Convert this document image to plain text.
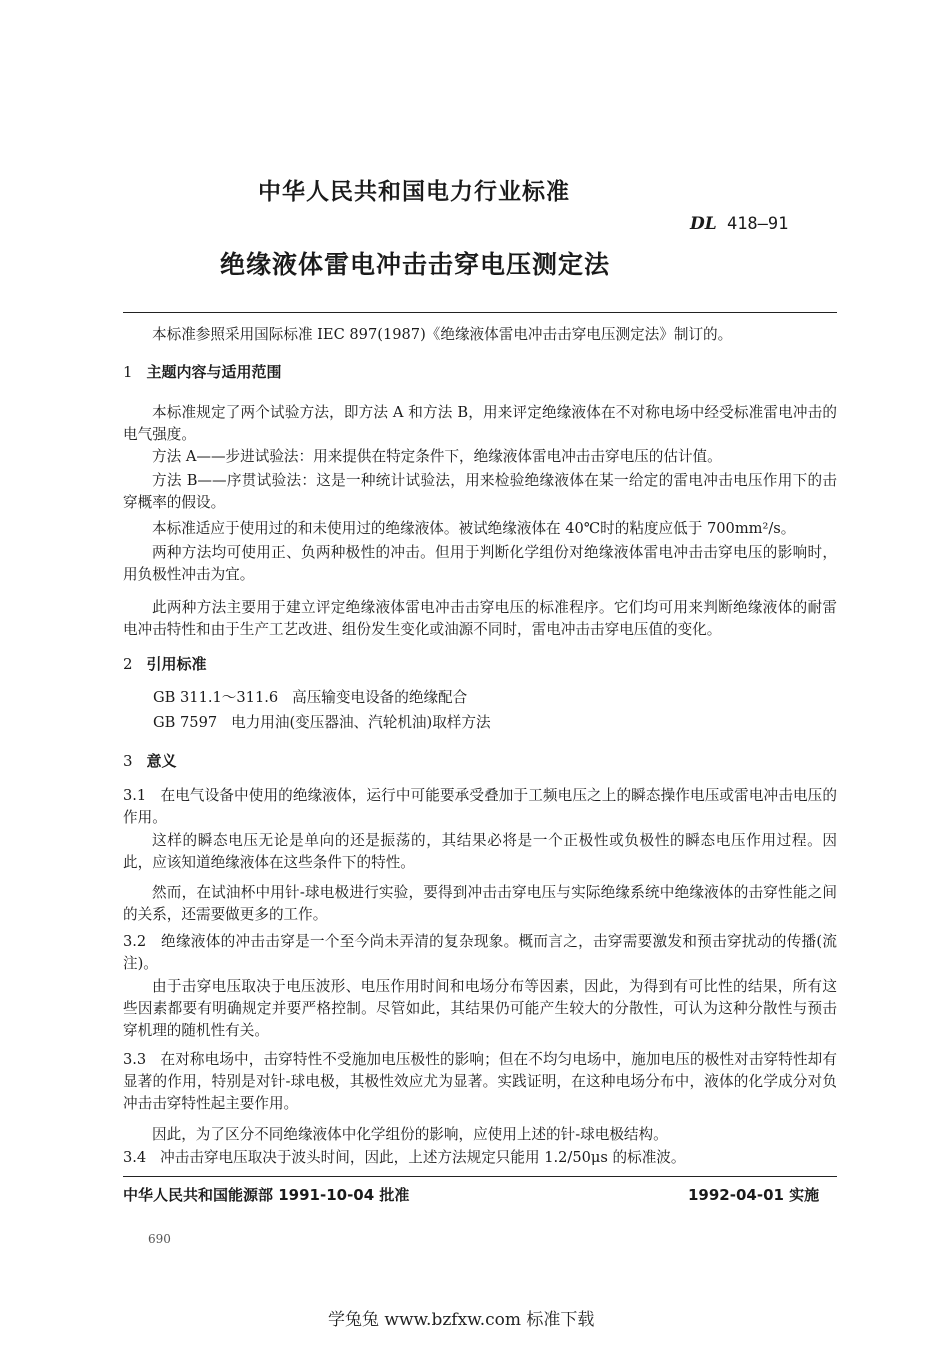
中华人民共和国电力行业标准
DL 418—91
绝缘液体雷电冲击击穿电压测定法
本标准参照采用国际标准 IEC 897(1987)《绝缘液体雷电冲击击穿电压测定法》制订的。
1 主题内容与适用范围
本标准规定了两个试验方法，即方法 A 和方法 B，用来评定绝缘液体在不对称电场中经受标准雷电冲击的电气强度。
方法 A——步进试验法：用来提供在特定条件下，绝缘液体雷电冲击击穿电压的估计值。
方法 B——序贯试验法：这是一种统计试验法，用来检验绝缘液体在某一给定的雷电冲击电压作用下的击穿概率的假设。
本标准适应于使用过的和未使用过的绝缘液体。被试绝缘液体在 40℃时的粘度应低于 700mm²/s。
两种方法均可使用正、负两种极性的冲击。但用于判断化学组份对绝缘液体雷电冲击击穿电压的影响时，用负极性冲击为宜。
此两种方法主要用于建立评定绝缘液体雷电冲击击穿电压的标准程序。它们均可用来判断绝缘液体的耐雷电冲击特性和由于生产工艺改进、组份发生变化或油源不同时，雷电冲击击穿电压值的变化。
2 引用标准
GB 311.1～311.6 高压输变电设备的绝缘配合
GB 7597 电力用油(变压器油、汽轮机油)取样方法
3 意义
3.1 在电气设备中使用的绝缘液体，运行中可能要承受叠加于工频电压之上的瞬态操作电压或雷电冲击电压的作用。
这样的瞬态电压无论是单向的还是振荡的，其结果必将是一个正极性或负极性的瞬态电压作用过程。因此，应该知道绝缘液体在这些条件下的特性。
然而，在试油杯中用针-球电极进行实验，要得到冲击击穿电压与实际绝缘系统中绝缘液体的击穿性能之间的关系，还需要做更多的工作。
3.2 绝缘液体的冲击击穿是一个至今尚未弄清的复杂现象。概而言之，击穿需要激发和预击穿扰动的传播(流注)。
由于击穿电压取决于电压波形、电压作用时间和电场分布等因素，因此，为得到有可比性的结果，所有这些因素都要有明确规定并要严格控制。尽管如此，其结果仍可能产生较大的分散性，可认为这种分散性与预击穿机理的随机性有关。
3.3 在对称电场中，击穿特性不受施加电压极性的影响；但在不均匀电场中，施加电压的极性对击穿特性却有显著的作用，特别是对针-球电极，其极性效应尤为显著。实践证明，在这种电场分布中，液体的化学成分对负冲击击穿特性起主要作用。
因此，为了区分不同绝缘液体中化学组份的影响，应使用上述的针-球电极结构。
3.4 冲击击穿电压取决于波头时间，因此，上述方法规定只能用 1.2/50μs 的标准波。
中华人民共和国能源部 1991-10-04 批准	1992-04-01 实施
690
学兔兔 www.bzfxw.com 标准下载
